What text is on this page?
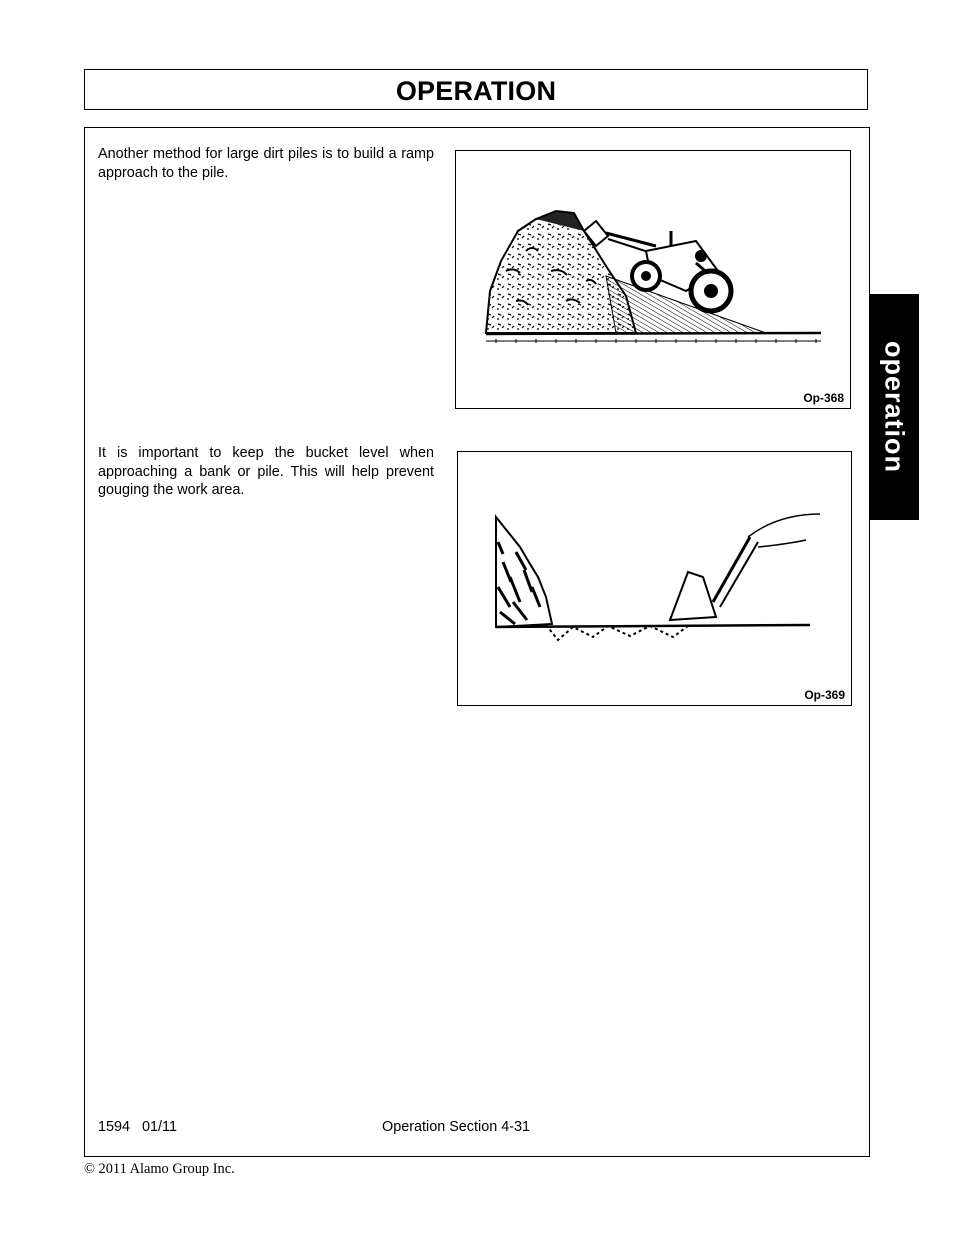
OPERATION
Another method for large dirt piles is to build a ramp approach to the pile.
It is important to keep the bucket level when approaching a bank or pile. This will help prevent gouging the work area.
Op-368
Op-369
operation
1594   01/11	Operation Section 4-31
© 2011 Alamo Group Inc.
